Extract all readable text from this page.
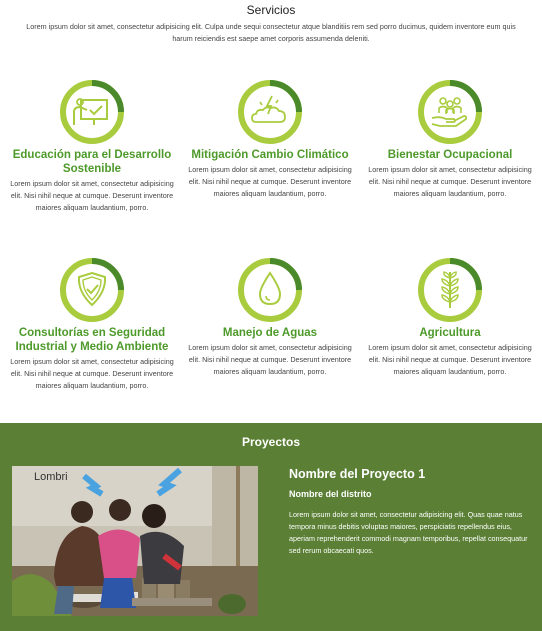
Servicios

Lorem ipsum dolor sit amet, consectetur adipisicing elit. Culpa unde sequi consectetur atque blanditiis rem sed porro ducimus, quidem inventore eum quis harum reiciendis est saepe amet corporis assumenda deleniti.

Educación para el Desarrollo Sostenible

Lorem ipsum dolor sit amet, consectetur adipisicing elit. Nisi nihil neque at cumque. Deserunt inventore maiores aliquam laudantium, porro.

Mitigación Cambio Climático

Lorem ipsum dolor sit amet, consectetur adipisicing elit. Nisi nihil neque at cumque. Deserunt inventore maiores aliquam laudantium, porro.

Bienestar Ocupacional

Lorem ipsum dolor sit amet, consectetur adipisicing elit. Nisi nihil neque at cumque. Deserunt inventore maiores aliquam laudantium, porro.

Consultorías en Seguridad Industrial y Medio Ambiente

Lorem ipsum dolor sit amet, consectetur adipisicing elit. Nisi nihil neque at cumque. Deserunt inventore maiores aliquam laudantium, porro.

Manejo de Aguas

Lorem ipsum dolor sit amet, consectetur adipisicing elit. Nisi nihil neque at cumque. Deserunt inventore maiores aliquam laudantium, porro.

Agricultura

Lorem ipsum dolor sit amet, consectetur adipisicing elit. Nisi nihil neque at cumque. Deserunt inventore maiores aliquam laudantium, porro.

Proyectos
Lombri	Nombre del Proyecto 1
Nombre del distrito

Lorem ipsum dolor sit amet, consectetur adipisicing elit. Quas quae natus tempora minus debitis voluptas maiores, perspiciatis repellendus eius, aperiam reprehenderit commodi magnam temporibus, repellat consequatur sed rerum obcaecati quos.
